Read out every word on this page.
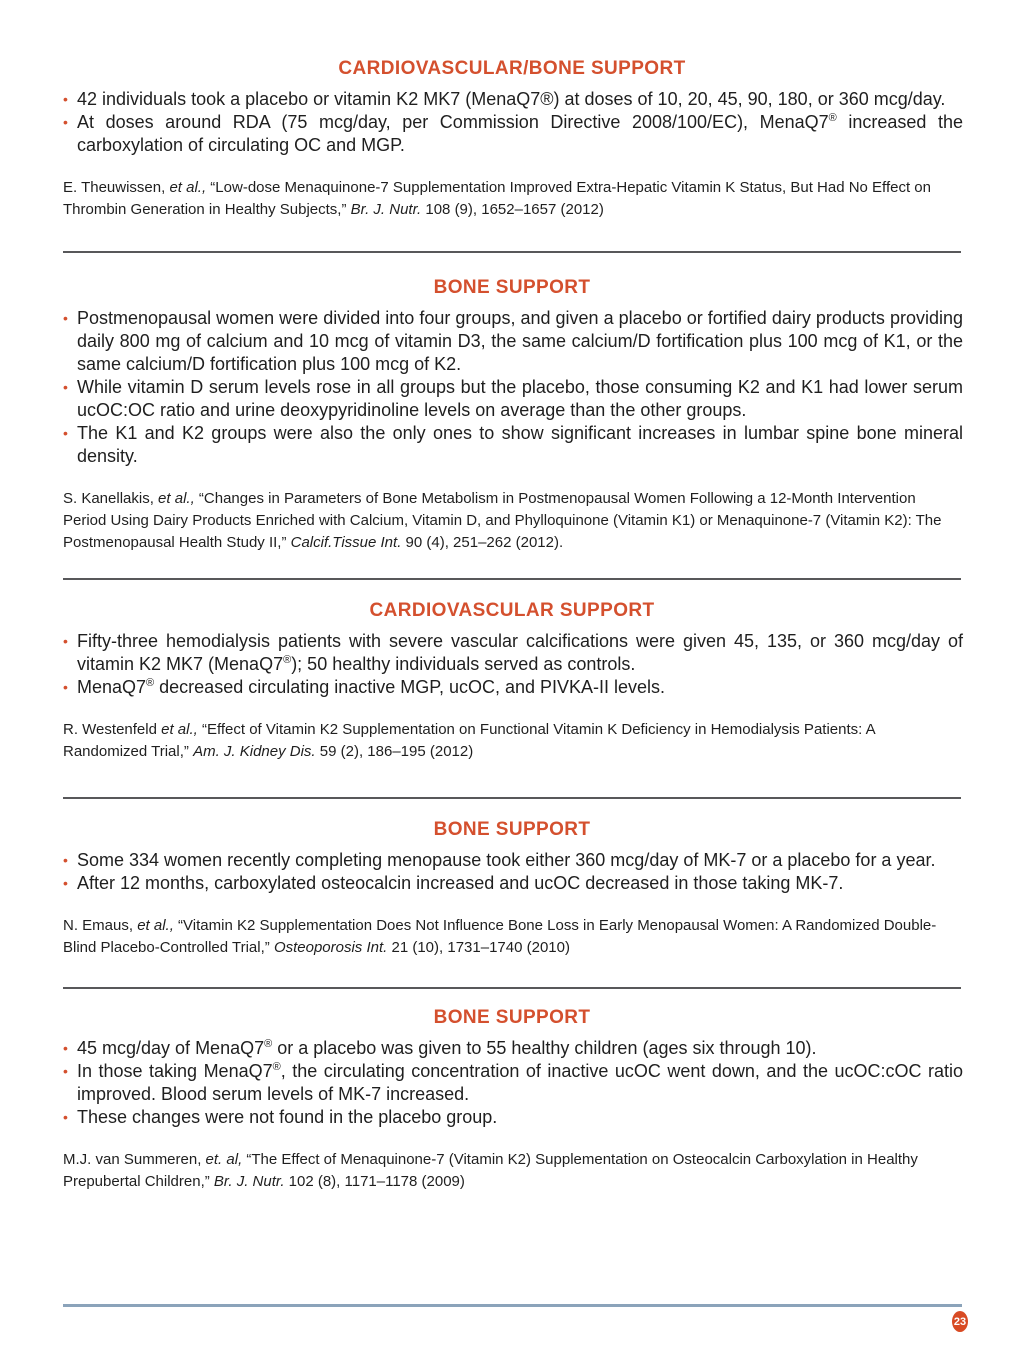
CARDIOVASCULAR/BONE SUPPORT
• 42 individuals took a placebo or vitamin K2 MK7 (MenaQ7®) at doses of 10, 20, 45, 90, 180, or 360 mcg/day.

• At doses around RDA (75 mcg/day, per Commission Directive 2008/100/EC), MenaQ7® increased the carboxylation of circulating OC and MGP.

E. Theuwissen, et al., “Low-dose Menaquinone-7 Supplementation Improved Extra-Hepatic Vitamin K Status, But Had No Effect on Thrombin Generation in Healthy Subjects,” Br. J. Nutr. 108 (9), 1652–1657 (2012)

BONE SUPPORT
• Postmenopausal women were divided into four groups, and given a placebo or fortified dairy products providing daily 800 mg of calcium and 10 mcg of vitamin D3, the same calcium/D fortification plus 100 mcg of K1, or the same calcium/D fortification plus 100 mcg of K2.

• While vitamin D serum levels rose in all groups but the placebo, those consuming K2 and K1 had lower serum ucOC:OC ratio and urine deoxypyridinoline levels on average than the other groups.

• The K1 and K2 groups were also the only ones to show significant increases in lumbar spine bone mineral density.

S. Kanellakis, et al., “Changes in Parameters of Bone Metabolism in Postmenopausal Women Following a 12-Month Intervention Period Using Dairy Products Enriched with Calcium, Vitamin D, and Phylloquinone (Vitamin K1) or Menaquinone-7 (Vitamin K2): The Postmenopausal Health Study II,” Calcif.Tissue Int. 90 (4), 251–262 (2012).

CARDIOVASCULAR SUPPORT
• Fifty-three hemodialysis patients with severe vascular calcifications were given 45, 135, or 360 mcg/day of vitamin K2 MK7 (MenaQ7®); 50 healthy individuals served as controls.

• MenaQ7® decreased circulating inactive MGP, ucOC, and PIVKA-II levels.

R. Westenfeld et al., “Effect of Vitamin K2 Supplementation on Functional Vitamin K Deficiency in Hemodialysis Patients: A Randomized Trial,” Am. J. Kidney Dis. 59 (2), 186–195 (2012)

BONE SUPPORT
• Some 334 women recently completing menopause took either 360 mcg/day of MK-7 or a placebo for a year.

• After 12 months, carboxylated osteocalcin increased and ucOC decreased in those taking MK-7.

N. Emaus, et al., “Vitamin K2 Supplementation Does Not Influence Bone Loss in Early Menopausal Women: A Randomized Double-Blind Placebo-Controlled Trial,” Osteoporosis Int. 21 (10), 1731–1740 (2010)

BONE SUPPORT
• 45 mcg/day of MenaQ7® or a placebo was given to 55 healthy children (ages six through 10).

• In those taking MenaQ7®, the circulating concentration of inactive ucOC went down, and the ucOC:cOC ratio improved. Blood serum levels of MK-7 increased.

• These changes were not found in the placebo group.

M.J. van Summeren, et. al, “The Effect of Menaquinone-7 (Vitamin K2) Supplementation on Osteocalcin Carboxylation in Healthy Prepubertal Children,” Br. J. Nutr. 102 (8), 1171–1178 (2009)

23
